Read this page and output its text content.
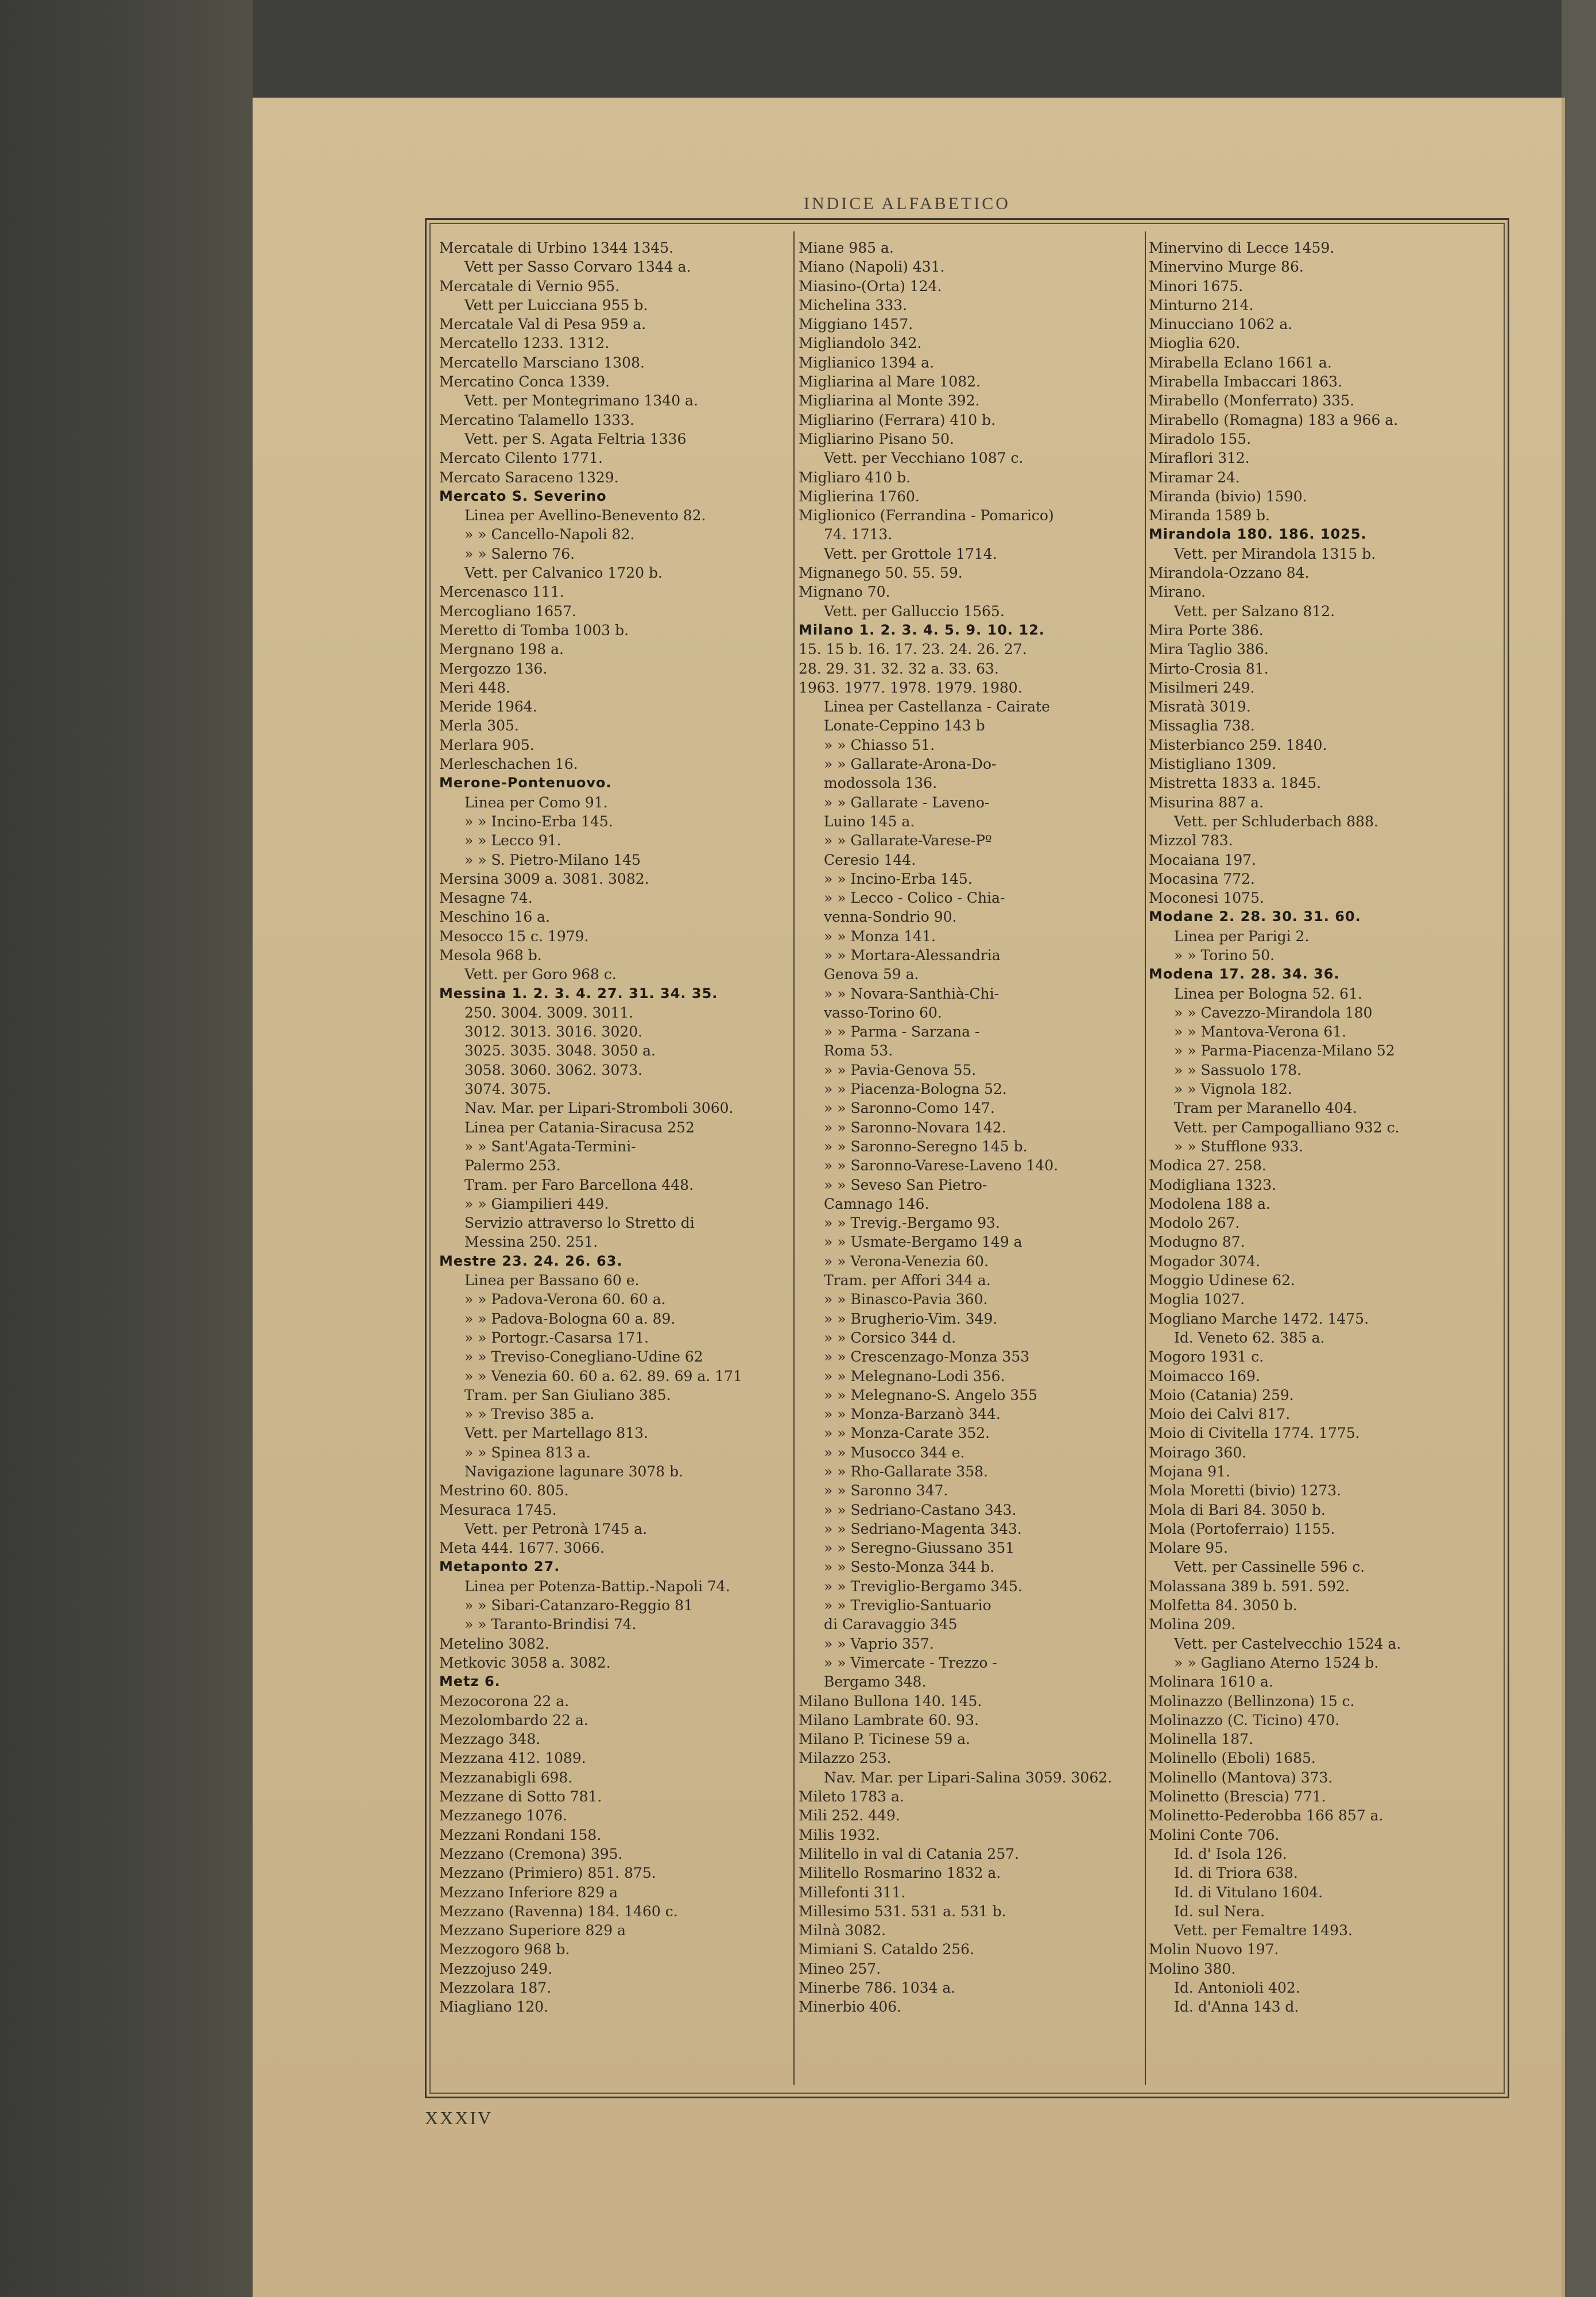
INDICE ALFABETICO
Mercatale di Urbino 1344 1345.
Vett per Sasso Corvaro 1344 a.
Mercatale di Vernio 955.
Vett per Luicciana 955 b.
Mercatale Val di Pesa 959 a.
Mercatello 1233. 1312.
Mercatello Marsciano 1308.
Mercatino Conca 1339.
Vett. per Montegrimano 1340 a.
Mercatino Talamello 1333.
Vett. per S. Agata Feltria 1336
Mercato Cilento 1771.
Mercato Saraceno 1329.
Mercato S. Severino
Linea per Avellino-Benevento 82.
» » Cancello-Napoli 82.
» » Salerno 76.
Vett. per Calvanico 1720 b.
Mercenasco 111.
Mercogliano 1657.
Meretto di Tomba 1003 b.
Mergnano 198 a.
Mergozzo 136.
Meri 448.
Meride 1964.
Merla 305.
Merlara 905.
Merleschachen 16.
Merone-Pontenuovo.
Linea per Como 91.
» » Incino-Erba 145.
» » Lecco 91.
» » S. Pietro-Milano 145
Mersina 3009 a. 3081. 3082.
Mesagne 74.
Meschino 16 a.
Mesocco 15 c. 1979.
Mesola 968 b.
Vett. per Goro 968 c.
Messina 1. 2. 3. 4. 27. 31. 34. 35.
250. 3004. 3009. 3011.
3012. 3013. 3016. 3020.
3025. 3035. 3048. 3050 a.
3058. 3060. 3062. 3073.
3074. 3075.
Nav. Mar. per Lipari-Stromboli 3060.
Linea per Catania-Siracusa 252
» » Sant'Agata-Termini-
Palermo 253.
Tram. per Faro Barcellona 448.
» » Giampilieri 449.
Servizio attraverso lo Stretto di
Messina 250. 251.
Mestre 23. 24. 26. 63.
Linea per Bassano 60 e.
» » Padova-Verona 60. 60 a.
» » Padova-Bologna 60 a. 89.
» » Portogr.-Casarsa 171.
» » Treviso-Conegliano-Udine 62
» » Venezia 60. 60 a. 62. 89. 69 a. 171
Tram. per San Giuliano 385.
» » Treviso 385 a.
Vett. per Martellago 813.
» » Spinea 813 a.
Navigazione lagunare 3078 b.
Mestrino 60. 805.
Mesuraca 1745.
Vett. per Petronà 1745 a.
Meta 444. 1677. 3066.
Metaponto 27.
Linea per Potenza-Battip.-Napoli 74.
» » Sibari-Catanzaro-Reggio 81
» » Taranto-Brindisi 74.
Metelino 3082.
Metkovic 3058 a. 3082.
Metz 6.
Mezocorona 22 a.
Mezolombardo 22 a.
Mezzago 348.
Mezzana 412. 1089.
Mezzanabigli 698.
Mezzane di Sotto 781.
Mezzanego 1076.
Mezzani Rondani 158.
Mezzano (Cremona) 395.
Mezzano (Primiero) 851. 875.
Mezzano Inferiore 829 a
Mezzano (Ravenna) 184. 1460 c.
Mezzano Superiore 829 a
Mezzogoro 968 b.
Mezzojuso 249.
Mezzolara 187.
Miagliano 120.
Miane 985 a.
Miano (Napoli) 431.
Miasino-(Orta) 124.
Michelina 333.
Miggiano 1457.
Migliandolo 342.
Miglianico 1394 a.
Migliarina al Mare 1082.
Migliarina al Monte 392.
Migliarino (Ferrara) 410 b.
Migliarino Pisano 50.
Vett. per Vecchiano 1087 c.
Migliaro 410 b.
Miglierina 1760.
Miglionico (Ferrandina - Pomarico)
74. 1713.
Vett. per Grottole 1714.
Mignanego 50. 55. 59.
Mignano 70.
Vett. per Galluccio 1565.
Milano 1. 2. 3. 4. 5. 9. 10. 12.
15. 15 b. 16. 17. 23. 24. 26. 27.
28. 29. 31. 32. 32 a. 33. 63.
1963. 1977. 1978. 1979. 1980.
Linea per Castellanza - Cairate
Lonate-Ceppino 143 b
» » Chiasso 51.
» » Gallarate-Arona-Do-
modossola 136.
» » Gallarate - Laveno-
Luino 145 a.
» » Gallarate-Varese-Pº
Ceresio 144.
» » Incino-Erba 145.
» » Lecco - Colico - Chia-
venna-Sondrio 90.
» » Monza 141.
» » Mortara-Alessandria
Genova 59 a.
» » Novara-Santhià-Chi-
vasso-Torino 60.
» » Parma - Sarzana -
Roma 53.
» » Pavia-Genova 55.
» » Piacenza-Bologna 52.
» » Saronno-Como 147.
» » Saronno-Novara 142.
» » Saronno-Seregno 145 b.
» » Saronno-Varese-Laveno 140.
» » Seveso San Pietro-
Camnago 146.
» » Trevig.-Bergamo 93.
» » Usmate-Bergamo 149 a
» » Verona-Venezia 60.
Tram. per Affori 344 a.
» » Binasco-Pavia 360.
» » Brugherio-Vim. 349.
» » Corsico 344 d.
» » Crescenzago-Monza 353
» » Melegnano-Lodi 356.
» » Melegnano-S. Angelo 355
» » Monza-Barzanò 344.
» » Monza-Carate 352.
» » Musocco 344 e.
» » Rho-Gallarate 358.
» » Saronno 347.
» » Sedriano-Castano 343.
» » Sedriano-Magenta 343.
» » Seregno-Giussano 351
» » Sesto-Monza 344 b.
» » Treviglio-Bergamo 345.
» » Treviglio-Santuario
di Caravaggio 345
» » Vaprio 357.
» » Vimercate - Trezzo -
Bergamo 348.
Milano Bullona 140. 145.
Milano Lambrate 60. 93.
Milano P. Ticinese 59 a.
Milazzo 253.
Nav. Mar. per Lipari-Salina 3059. 3062.
Mileto 1783 a.
Mili 252. 449.
Milis 1932.
Militello in val di Catania 257.
Militello Rosmarino 1832 a.
Millefonti 311.
Millesimo 531. 531 a. 531 b.
Milnà 3082.
Mimiani S. Cataldo 256.
Mineo 257.
Minerbe 786. 1034 a.
Minerbio 406.
Minervino di Lecce 1459.
Minervino Murge 86.
Minori 1675.
Minturno 214.
Minucciano 1062 a.
Mioglia 620.
Mirabella Eclano 1661 a.
Mirabella Imbaccari 1863.
Mirabello (Monferrato) 335.
Mirabello (Romagna) 183 a 966 a.
Miradolo 155.
Miraflori 312.
Miramar 24.
Miranda (bivio) 1590.
Miranda 1589 b.
Mirandola 180. 186. 1025.
Vett. per Mirandola 1315 b.
Mirandola-Ozzano 84.
Mirano.
Vett. per Salzano 812.
Mira Porte 386.
Mira Taglio 386.
Mirto-Crosia 81.
Misilmeri 249.
Misratà 3019.
Missaglia 738.
Misterbianco 259. 1840.
Mistigliano 1309.
Mistretta 1833 a. 1845.
Misurina 887 a.
Vett. per Schluderbach 888.
Mizzol 783.
Mocaiana 197.
Mocasina 772.
Moconesi 1075.
Modane 2. 28. 30. 31. 60.
Linea per Parigi 2.
» » Torino 50.
Modena 17. 28. 34. 36.
Linea per Bologna 52. 61.
» » Cavezzo-Mirandola 180
» » Mantova-Verona 61.
» » Parma-Piacenza-Milano 52
» » Sassuolo 178.
» » Vignola 182.
Tram per Maranello 404.
Vett. per Campogalliano 932 c.
» » Stufflone 933.
Modica 27. 258.
Modigliana 1323.
Modolena 188 a.
Modolo 267.
Modugno 87.
Mogador 3074.
Moggio Udinese 62.
Moglia 1027.
Mogliano Marche 1472. 1475.
Id. Veneto 62. 385 a.
Mogoro 1931 c.
Moimacco 169.
Moio (Catania) 259.
Moio dei Calvi 817.
Moio di Civitella 1774. 1775.
Moirago 360.
Mojana 91.
Mola Moretti (bivio) 1273.
Mola di Bari 84. 3050 b.
Mola (Portoferraio) 1155.
Molare 95.
Vett. per Cassinelle 596 c.
Molassana 389 b. 591. 592.
Molfetta 84. 3050 b.
Molina 209.
Vett. per Castelvecchio 1524 a.
» » Gagliano Aterno 1524 b.
Molinara 1610 a.
Molinazzo (Bellinzona) 15 c.
Molinazzo (C. Ticino) 470.
Molinella 187.
Molinello (Eboli) 1685.
Molinello (Mantova) 373.
Molinetto (Brescia) 771.
Molinetto-Pederobba 166 857 a.
Molini Conte 706.
Id. d' Isola 126.
Id. di Triora 638.
Id. di Vitulano 1604.
Id. sul Nera.
Vett. per Femaltre 1493.
Molin Nuovo 197.
Molino 380.
Id. Antonioli 402.
Id. d'Anna 143 d.
XXXIV
